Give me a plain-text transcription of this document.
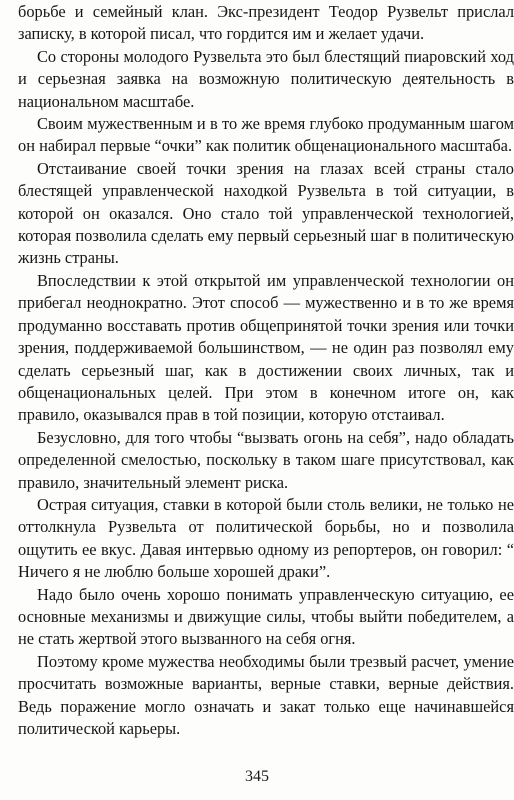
борьбе и семейный клан. Экс-президент Теодор Рузвельт прислал записку, в которой писал, что гордится им и желает удачи.

Со стороны молодого Рузвельта это был блестящий пиаровский ход и серьезная заявка на возможную политическую деятельность в национальном масштабе.

Своим мужественным и в то же время глубоко продуманным шагом он набирал первые “очки” как политик общенационального масштаба.

Отстаивание своей точки зрения на глазах всей страны стало блестящей управленческой находкой Рузвельта в той ситуации, в которой он оказался. Оно стало той управленческой технологией, которая позволила сделать ему первый серьезный шаг в политическую жизнь страны.

Впоследствии к этой открытой им управленческой технологии он прибегал неоднократно. Этот способ — мужественно и в то же время продуманно восставать против общепринятой точки зрения или точки зрения, поддерживаемой большинством, — не один раз позволял ему сделать серьезный шаг, как в достижении своих личных, так и общенациональных целей. При этом в конечном итоге он, как правило, оказывался прав в той позиции, которую отстаивал.

Безусловно, для того чтобы “вызвать огонь на себя”, надо обладать определенной смелостью, поскольку в таком шаге присутствовал, как правило, значительный элемент риска.

Острая ситуация, ставки в которой были столь велики, не только не оттолкнула Рузвельта от политической борьбы, но и позволила ощутить ее вкус. Давая интервью одному из репортеров, он говорил: “ Ничего я не люблю больше хорошей драки”.

Надо было очень хорошо понимать управленческую ситуацию, ее основные механизмы и движущие силы, чтобы выйти победителем, а не стать жертвой этого вызванного на себя огня.

Поэтому кроме мужества необходимы были трезвый расчет, умение просчитать возможные варианты, верные ставки, верные действия. Ведь поражение могло означать и закат только еще начинавшейся политической карьеры.

345
